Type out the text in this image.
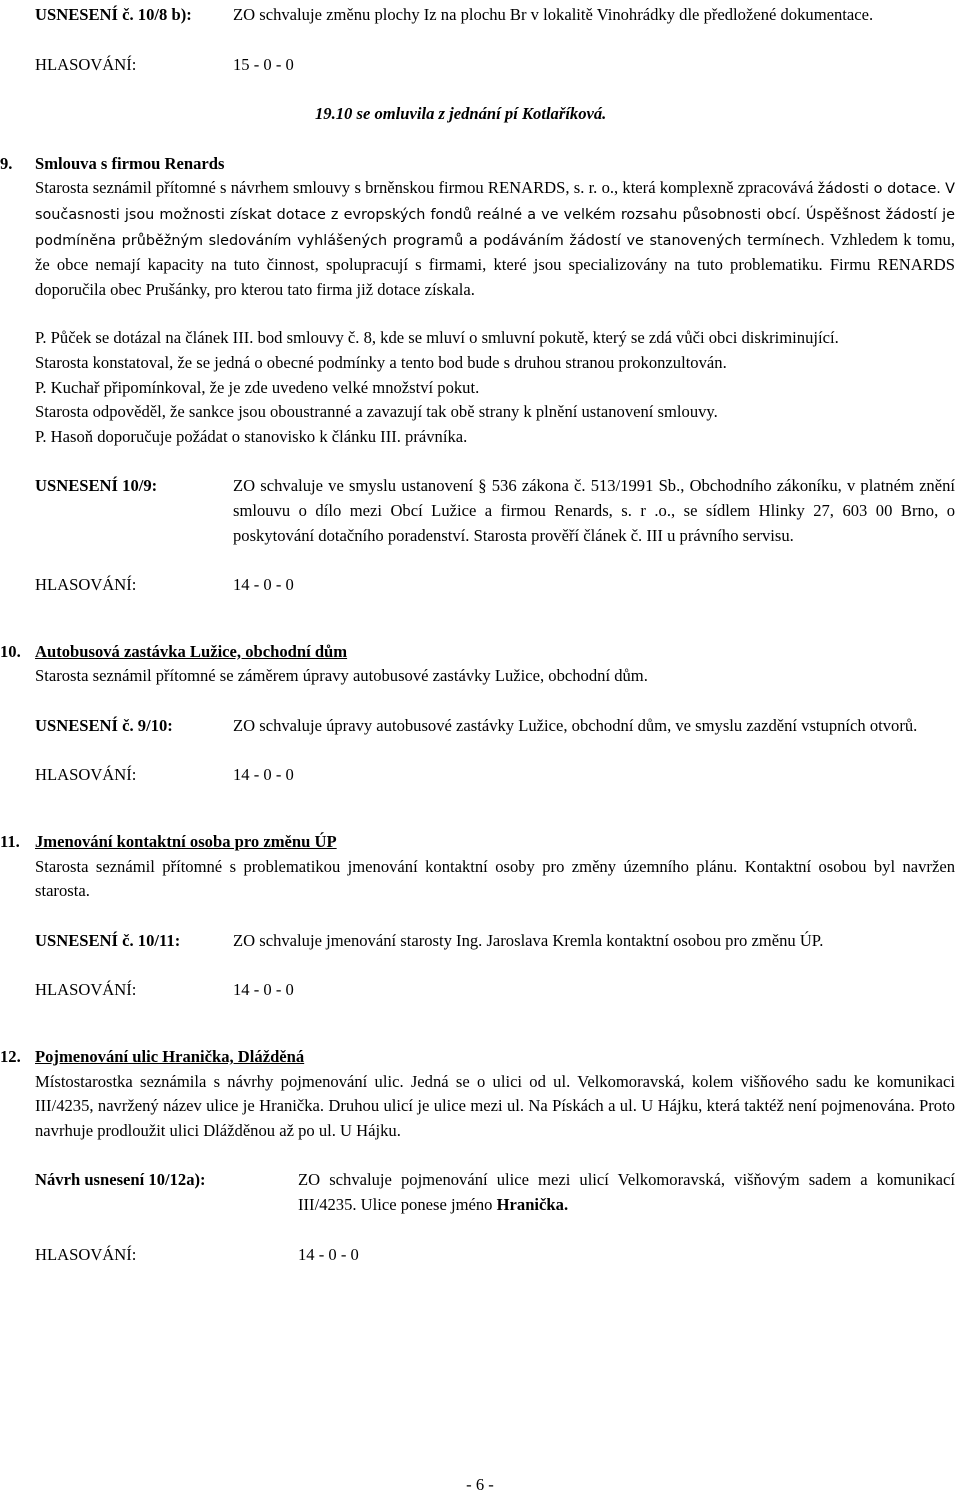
USNESENÍ č. 10/8 b):	ZO schvaluje změnu plochy Iz na plochu Br v lokalitě Vinohrádky dle předložené dokumentace.
HLASOVÁNÍ:	15 - 0 - 0
19.10 se omluvila z jednání pí Kotlaříková.
9.	Smlouva s firmou Renards
Starosta seznámil přítomné s návrhem smlouvy s brněnskou firmou RENARDS, s. r. o., která komplexně zpracovává žádosti o dotace. V současnosti jsou možnosti získat dotace z evropských fondů reálné a ve velkém rozsahu působnosti obcí. Úspěšnost žádostí je podmíněna průběžným sledováním vyhlášených programů a podáváním žádostí ve stanovených termínech. Vzhledem k tomu, že obce nemají kapacity na tuto činnost, spolupracují s firmami, které jsou specializovány na tuto problematiku. Firmu RENARDS doporučila obec Prušánky, pro kterou tato firma již dotace získala.
P. Půček se dotázal na článek III. bod smlouvy č. 8, kde se mluví o smluvní pokutě, který se zdá vůči obci diskriminující.
Starosta konstatoval, že se jedná o obecné podmínky a tento bod bude s druhou stranou prokonzultován.
P. Kuchař připomínkoval, že je zde uvedeno velké množství pokut.
Starosta odpověděl, že sankce jsou oboustranné a zavazují tak obě strany k plnění ustanovení smlouvy.
P. Hasoň doporučuje požádat o stanovisko k článku III. právníka.
USNESENÍ 10/9:	ZO schvaluje ve smyslu ustanovení § 536 zákona č. 513/1991 Sb., Obchodního zákoníku, v platném znění smlouvu o dílo mezi Obcí Lužice a firmou Renards, s. r .o., se sídlem Hlinky 27, 603 00 Brno, o poskytování dotačního poradenství. Starosta prověří článek č. III u právního servisu.
HLASOVÁNÍ:	14 - 0 - 0
10. Autobusová zastávka Lužice, obchodní dům
Starosta seznámil přítomné se záměrem úpravy autobusové zastávky Lužice, obchodní dům.
USNESENÍ č. 9/10:	ZO schvaluje úpravy autobusové zastávky Lužice, obchodní dům, ve smyslu zazdění vstupních otvorů.
HLASOVÁNÍ:	14 - 0 - 0
11. Jmenování kontaktní osoba pro změnu ÚP
Starosta seznámil přítomné s problematikou jmenování kontaktní osoby pro změny územního plánu. Kontaktní osobou byl navržen starosta.
USNESENÍ č. 10/11:	ZO schvaluje jmenování starosty Ing. Jaroslava Kremla kontaktní osobou pro změnu ÚP.
HLASOVÁNÍ:	14 - 0 - 0
12. Pojmenování ulic Hranička, Dlážděná
Místostarostka seznámila s návrhy pojmenování ulic. Jedná se o ulici od ul. Velkomoravská, kolem višňového sadu ke komunikaci III/4235, navržený název ulice je Hranička. Druhou ulicí je ulice mezi ul. Na Pískách a ul. U Hájku, která taktéž není pojmenována. Proto navrhuje prodloužit ulici Dlážděnou až po ul. U Hájku.
Návrh usnesení 10/12a):	ZO schvaluje pojmenování ulice mezi ulicí Velkomoravská, višňovým sadem a komunikací III/4235. Ulice ponese jméno Hranička.
HLASOVÁNÍ:	14 - 0 - 0
- 6 -
